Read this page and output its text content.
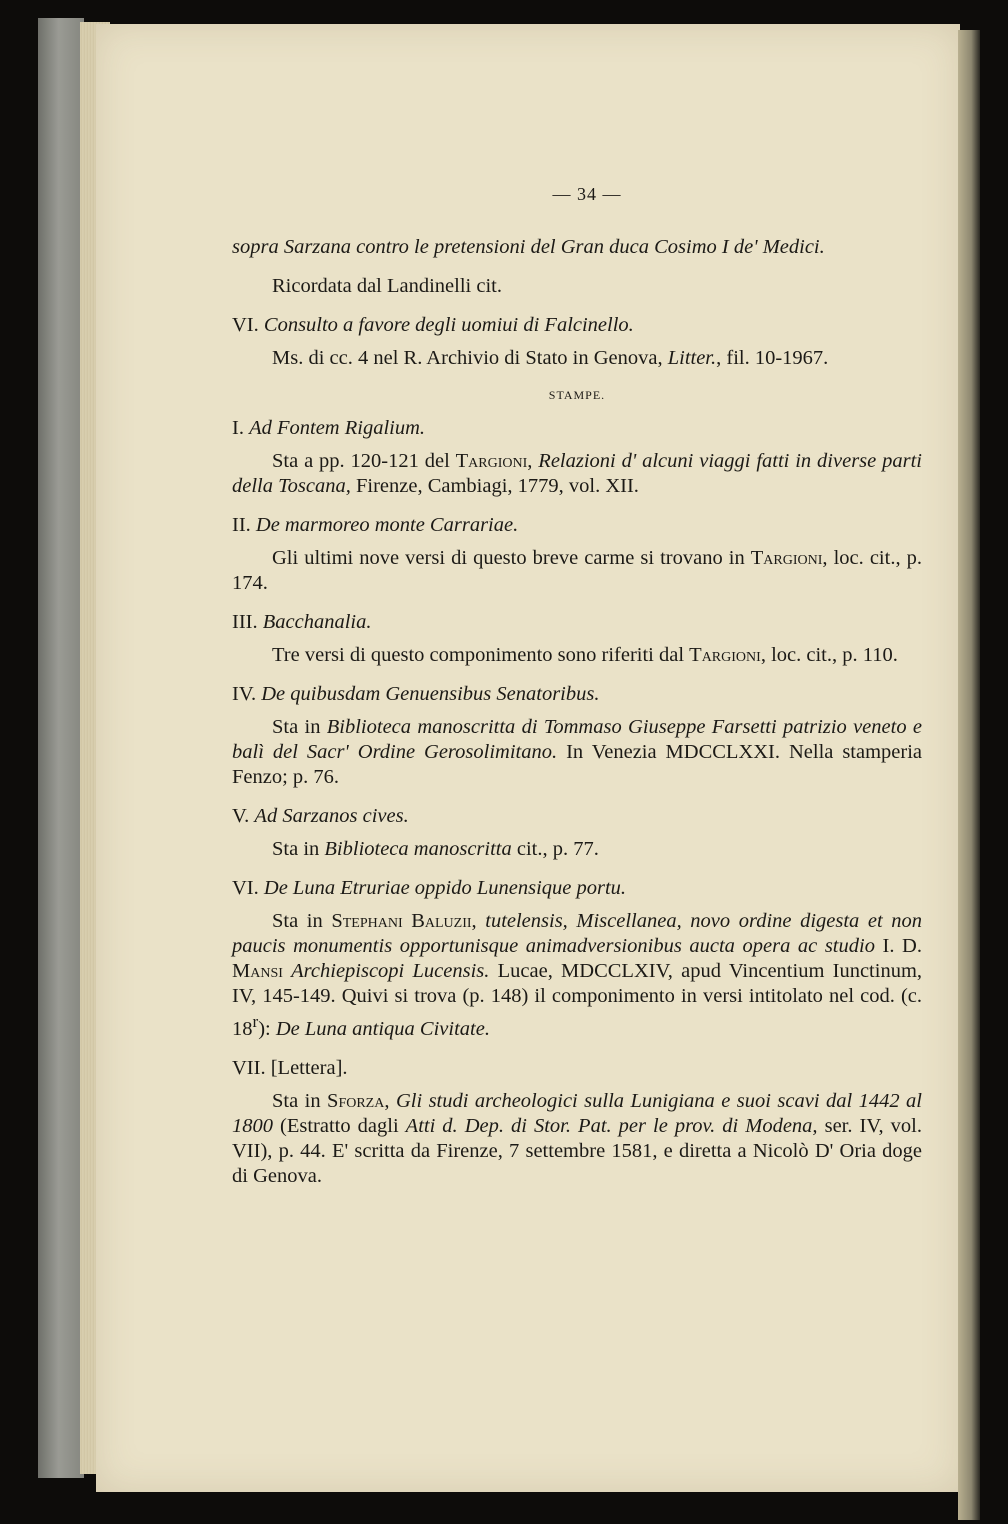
— 34 —

sopra Sarzana contro le pretensioni del Gran duca Cosimo I de' Medici.

Ricordata dal Landinelli cit.

VI. Consulto a favore degli uomiui di Falcinello.

Ms. di cc. 4 nel R. Archivio di Stato in Genova, Litter., fil. 10-1967.

STAMPE.

I. Ad Fontem Rigalium.

Sta a pp. 120-121 del Targioni, Relazioni d' alcuni viaggi fatti in diverse parti della Toscana, Firenze, Cambiagi, 1779, vol. XII.

II. De marmoreo monte Carrariae.

Gli ultimi nove versi di questo breve carme si trovano in Targioni, loc. cit., p. 174.

III. Bacchanalia.

Tre versi di questo componimento sono riferiti dal Targioni, loc. cit., p. 110.

IV. De quibusdam Genuensibus Senatoribus.

Sta in Biblioteca manoscritta di Tommaso Giuseppe Farsetti patrizio veneto e balì del Sacr' Ordine Gerosolimitano. In Venezia MDCCLXXI. Nella stamperia Fenzo; p. 76.

V. Ad Sarzanos cives.

Sta in Biblioteca manoscritta cit., p. 77.

VI. De Luna Etruriae oppido Lunensique portu.

Sta in Stephani Baluzii, tutelensis, Miscellanea, novo ordine digesta et non paucis monumentis opportunisque animadversionibus aucta opera ac studio I. D. Mansi Archiepiscopi Lucensis. Lucae, MDCCLXIV, apud Vincentium Iunctinum, IV, 145-149. Quivi si trova (p. 148) il componimento in versi intitolato nel cod. (c. 18$^r$): De Luna antiqua Civitate.

VII. [Lettera].

Sta in Sforza, Gli studi archeologici sulla Lunigiana e suoi scavi dal 1442 al 1800 (Estratto dagli Atti d. Dep. di Stor. Pat. per le prov. di Modena, ser. IV, vol. VII), p. 44. E' scritta da Firenze, 7 settembre 1581, e diretta a Nicolò D' Oria doge di Genova.
